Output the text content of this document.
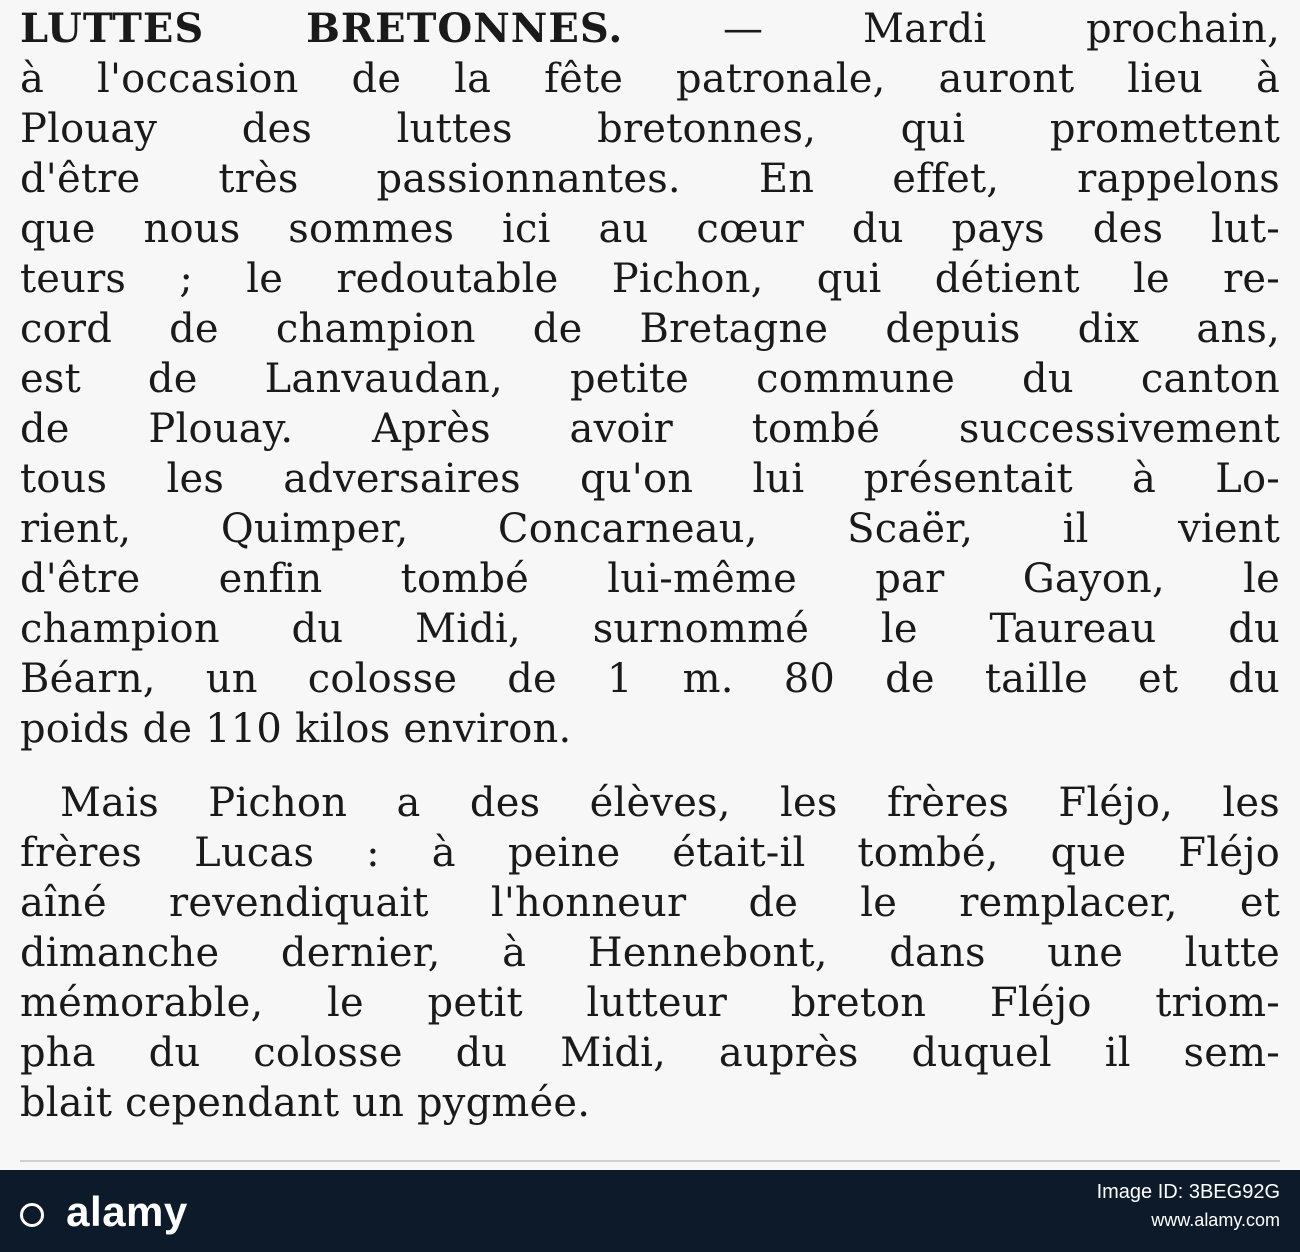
LUTTES BRETONNES. — Mardi prochain,
à l'occasion de la fête patronale, auront lieu à
Plouay des luttes bretonnes, qui promettent
d'être très passionnantes. En effet, rappelons
que nous sommes ici au cœur du pays des lut-
teurs ; le redoutable Pichon, qui détient le re-
cord de champion de Bretagne depuis dix ans,
est de Lanvaudan, petite commune du canton
de Plouay. Après avoir tombé successivement
tous les adversaires qu'on lui présentait à Lo-
rient, Quimper, Concarneau, Scaër, il vient
d'être enfin tombé lui-même par Gayon, le
champion du Midi, surnommé le Taureau du
Béarn, un colosse de 1 m. 80 de taille et du
poids de 110 kilos environ.
Mais Pichon a des élèves, les frères Fléjo, les
frères Lucas : à peine était-il tombé, que Fléjo
aîné revendiquait l'honneur de le remplacer, et
dimanche dernier, à Hennebont, dans une lutte
mémorable, le petit lutteur breton Fléjo triom-
pha du colosse du Midi, auprès duquel il sem-
blait cependant un pygmée.
alamy	Image ID: 3BEG92G
www.alamy.com
